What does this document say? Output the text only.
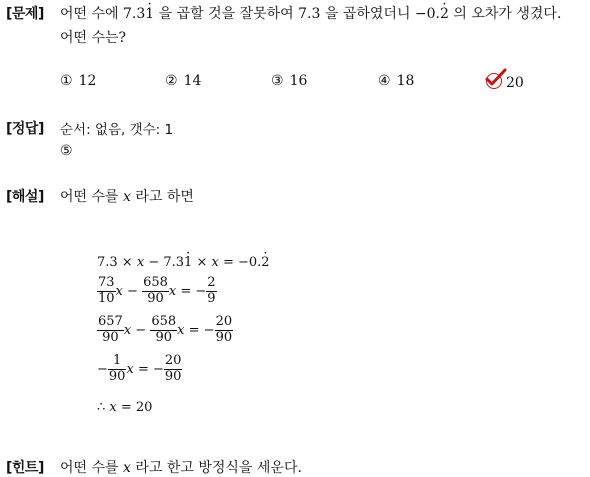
[문제] 어떤 수에 7.31 · 을 곱할 것을 잘못하여 7.3 을 곱하였더니 −0.2 · 의 오차가 생겼다.
어떤 수는?
① 12	② 14	③ 16	④ 18	20
[정답] 순서: 없음, 갯수: 1
⑤
[해설] 어떤 수를 x 라고 하면
7.3 × x − 7.31 · × x = −0.2 ·
$\frac{73}{10}$ $x - \frac{658}{90}$ x = − $\frac{2}{9}$
$\frac{657}{90}$ $x - \frac{658}{90}$ x = − $\frac{20}{90}$
− $\frac{1}{90}$ x = − $\frac{20}{90}$
∴ x = 20
[힌트] 어떤 수를 x 라고 한고 방정식을 세운다.
